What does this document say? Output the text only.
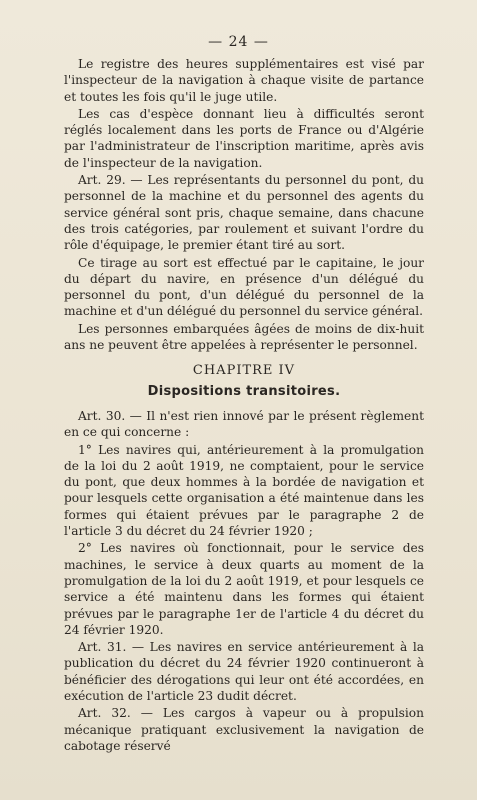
— 24 —

Le registre des heures supplémentaires est visé par l'inspecteur de la navigation à chaque visite de partance et toutes les fois qu'il le juge utile.

Les cas d'espèce donnant lieu à difficultés seront réglés localement dans les ports de France ou d'Algérie par l'administrateur de l'inscription maritime, après avis de l'inspecteur de la navigation.

Art. 29. — Les représentants du personnel du pont, du personnel de la machine et du personnel des agents du service général sont pris, chaque semaine, dans chacune des trois catégories, par roulement et suivant l'ordre du rôle d'équipage, le premier étant tiré au sort.

Ce tirage au sort est effectué par le capitaine, le jour du départ du navire, en présence d'un délégué du personnel du pont, d'un délégué du personnel de la machine et d'un délégué du personnel du service général.

Les personnes embarquées âgées de moins de dix-huit ans ne peuvent être appelées à représenter le personnel.

CHAPITRE IV
Dispositions transitoires.

Art. 30. — Il n'est rien innové par le présent règlement en ce qui concerne :

1° Les navires qui, antérieurement à la promulgation de la loi du 2 août 1919, ne comptaient, pour le service du pont, que deux hommes à la bordée de navigation et pour lesquels cette organisation a été maintenue dans les formes qui étaient prévues par le paragraphe 2 de l'article 3 du décret du 24 février 1920 ;

2° Les navires où fonctionnait, pour le service des machines, le service à deux quarts au moment de la promulgation de la loi du 2 août 1919, et pour lesquels ce service a été maintenu dans les formes qui étaient prévues par le paragraphe 1er de l'article 4 du décret du 24 février 1920.

Art. 31. — Les navires en service antérieurement à la publication du décret du 24 février 1920 continueront à bénéficier des dérogations qui leur ont été accordées, en exécution de l'article 23 dudit décret.

Art. 32. — Les cargos à vapeur ou à propulsion mécanique pratiquant exclusivement la navigation de cabotage réservé
